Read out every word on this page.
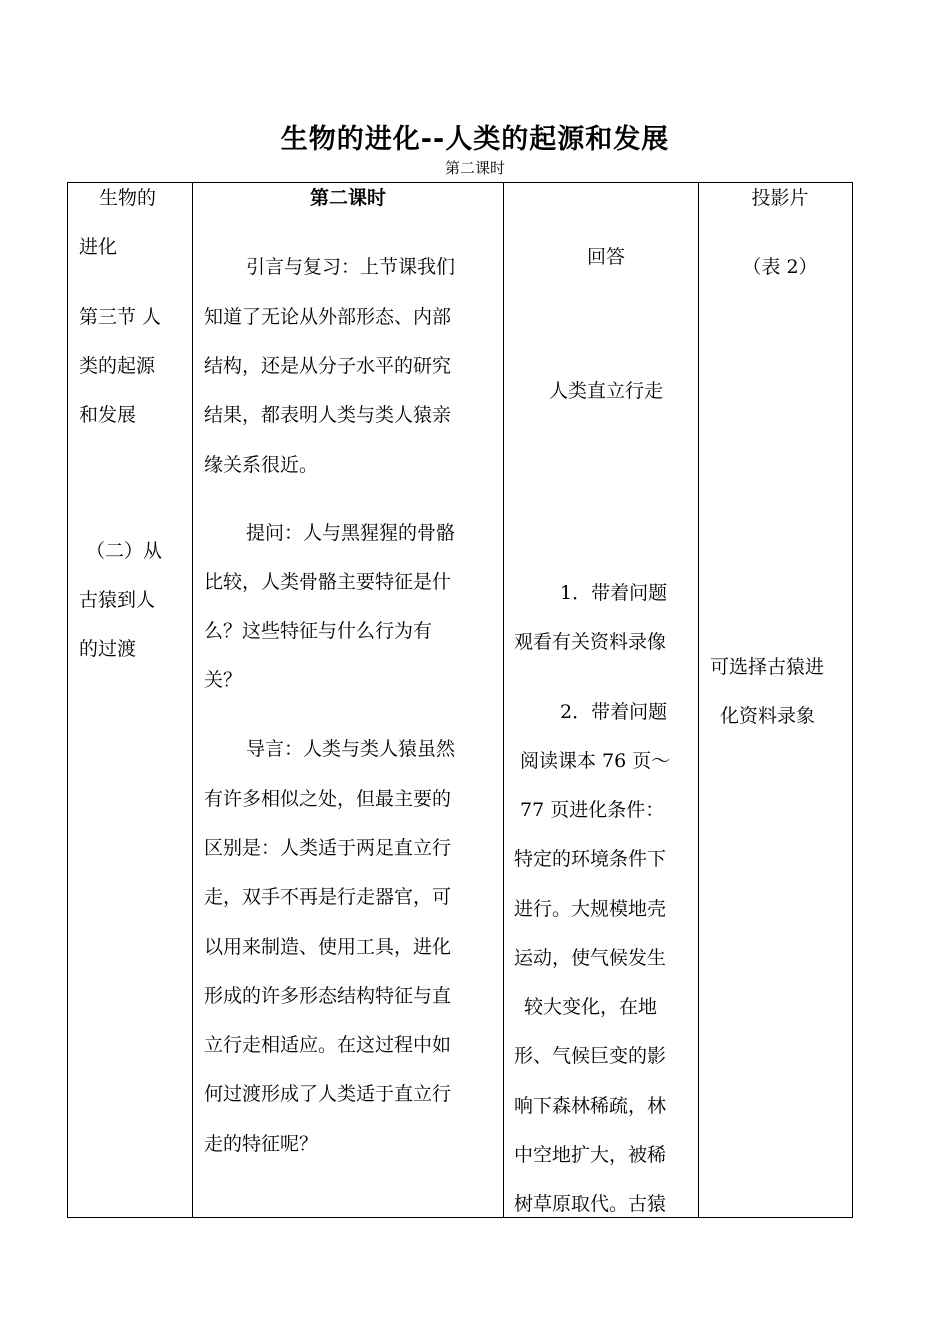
生物的进化--人类的起源和发展
第二课时
生物的
进化
第三节 人
类的起源
和发展
（二）从
古猿到人
的过渡
第二课时
引言与复习：上节课我们
知道了无论从外部形态、内部
结构，还是从分子水平的研究
结果，都表明人类与类人猿亲
缘关系很近。
提问：人与黑猩猩的骨骼
比较，人类骨骼主要特征是什
么？这些特征与什么行为有
关？
导言：人类与类人猿虽然
有许多相似之处，但最主要的
区别是：人类适于两足直立行
走，双手不再是行走器官，可
以用来制造、使用工具，进化
形成的许多形态结构特征与直
立行走相适应。在这过程中如
何过渡形成了人类适于直立行
走的特征呢？
回答
人类直立行走
1．带着问题
观看有关资料录像
2．带着问题
阅读课本 76 页～
77 页进化条件：
特定的环境条件下
进行。大规模地壳
运动，使气候发生
较大变化，在地
形、气候巨变的影
响下森林稀疏，林
中空地扩大，被稀
树草原取代。古猿
投影片
（表 2）
可选择古猿进
化资料录象
